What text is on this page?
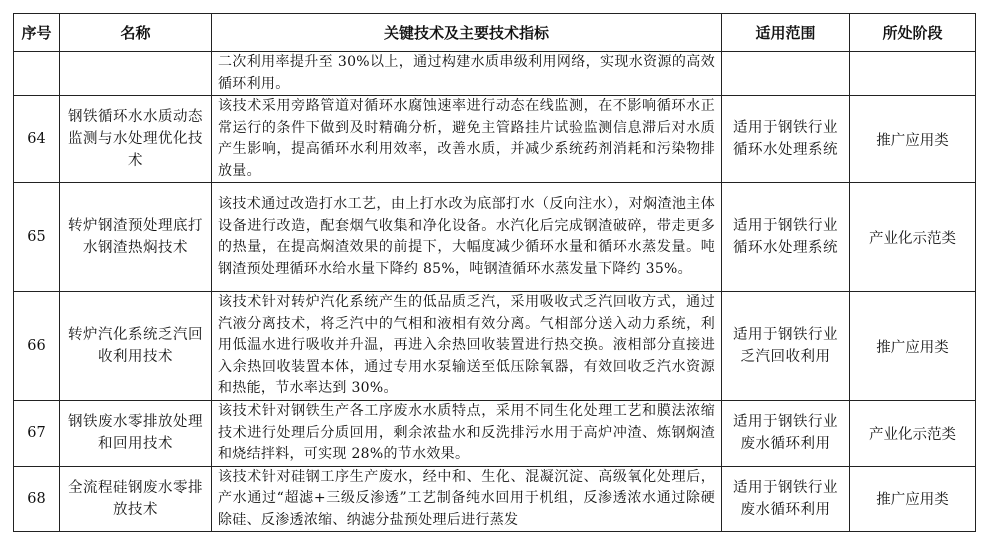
序号	名称	关键技术及主要技术指标	适用范围	所处阶段
		二次利用率提升至 30%以上，通过构建水质串级利用网络，实现水资源的高效循环利用。		
64	钢铁循环水水质动态监测与水处理优化技术	该技术采用旁路管道对循环水腐蚀速率进行动态在线监测，在不影响循环水正常运行的条件下做到及时精确分析，避免主管路挂片试验监测信息滞后对水质产生影响，提高循环水利用效率，改善水质，并减少系统药剂消耗和污染物排放量。	适用于钢铁行业循环水处理系统	推广应用类
65	转炉钢渣预处理底打水钢渣热焖技术	该技术通过改造打水工艺，由上打水改为底部打水（反向注水），对焖渣池主体设备进行改造，配套烟气收集和净化设备。水汽化后完成钢渣破碎，带走更多的热量，在提高焖渣效果的前提下，大幅度减少循环水量和循环水蒸发量。吨钢渣预处理循环水给水量下降约 85%，吨钢渣循环水蒸发量下降约 35%。	适用于钢铁行业循环水处理系统	产业化示范类
66	转炉汽化系统乏汽回收利用技术	该技术针对转炉汽化系统产生的低品质乏汽，采用吸收式乏汽回收方式，通过汽液分离技术，将乏汽中的气相和液相有效分离。气相部分送入动力系统，利用低温水进行吸收并升温，再进入余热回收装置进行热交换。液相部分直接进入余热回收装置本体，通过专用水泵输送至低压除氧器，有效回收乏汽水资源和热能，节水率达到 30%。	适用于钢铁行业乏汽回收利用	推广应用类
67	钢铁废水零排放处理和回用技术	该技术针对钢铁生产各工序废水水质特点，采用不同生化处理工艺和膜法浓缩技术进行处理后分质回用，剩余浓盐水和反洗排污水用于高炉冲渣、炼钢焖渣和烧结拌料，可实现 28%的节水效果。	适用于钢铁行业废水循环利用	产业化示范类
68	全流程硅钢废水零排放技术	该技术针对硅钢工序生产废水，经中和、生化、混凝沉淀、高级氧化处理后，产水通过“超滤+三级反渗透”工艺制备纯水回用于机组，反渗透浓水通过除硬除硅、反渗透浓缩、纳滤分盐预处理后进行蒸发	适用于钢铁行业废水循环利用	推广应用类
